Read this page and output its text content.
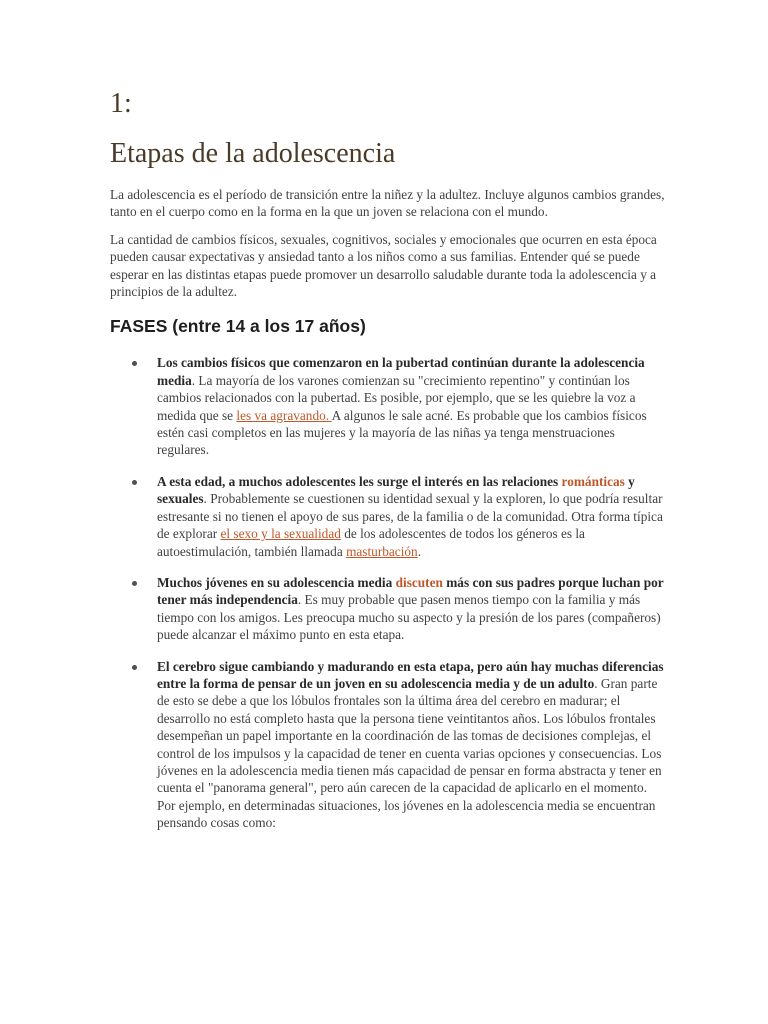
1:
Etapas de la adolescencia

La adolescencia es el período de transición entre la niñez y la adultez. Incluye algunos cambios grandes, tanto en el cuerpo como en la forma en la que un joven se relaciona con el mundo.

La cantidad de cambios físicos, sexuales, cognitivos, sociales y emocionales que ocurren en esta época pueden causar expectativas y ansiedad tanto a los niños como a sus familias. Entender qué se puede esperar en las distintas etapas puede promover un desarrollo saludable durante toda la adolescencia y a principios de la adultez.

FASES (entre 14 a los 17 años)
Los cambios físicos que comenzaron en la pubertad continúan durante la adolescencia media. La mayoría de los varones comienzan su "crecimiento repentino" y continúan los cambios relacionados con la pubertad. Es posible, por ejemplo, que se les quiebre la voz a medida que se les va agravando. A algunos le sale acné. Es probable que los cambios físicos estén casi completos en las mujeres y la mayoría de las niñas ya tenga menstruaciones regulares.
A esta edad, a muchos adolescentes les surge el interés en las relaciones románticas y sexuales. Probablemente se cuestionen su identidad sexual y la exploren, lo que podría resultar estresante si no tienen el apoyo de sus pares, de la familia o de la comunidad. Otra forma típica de explorar el sexo y la sexualidad de los adolescentes de todos los géneros es la autoestimulación, también llamada masturbación.
Muchos jóvenes en su adolescencia media discuten más con sus padres porque luchan por tener más independencia. Es muy probable que pasen menos tiempo con la familia y más tiempo con los amigos. Les preocupa mucho su aspecto y la presión de los pares (compañeros) puede alcanzar el máximo punto en esta etapa.
El cerebro sigue cambiando y madurando en esta etapa, pero aún hay muchas diferencias entre la forma de pensar de un joven en su adolescencia media y de un adulto. Gran parte de esto se debe a que los lóbulos frontales son la última área del cerebro en madurar; el desarrollo no está completo hasta que la persona tiene veintitantos años. Los lóbulos frontales desempeñan un papel importante en la coordinación de las tomas de decisiones complejas, el control de los impulsos y la capacidad de tener en cuenta varias opciones y consecuencias. Los jóvenes en la adolescencia media tienen más capacidad de pensar en forma abstracta y tener en cuenta el "panorama general", pero aún carecen de la capacidad de aplicarlo en el momento. Por ejemplo, en determinadas situaciones, los jóvenes en la adolescencia media se encuentran pensando cosas como:
